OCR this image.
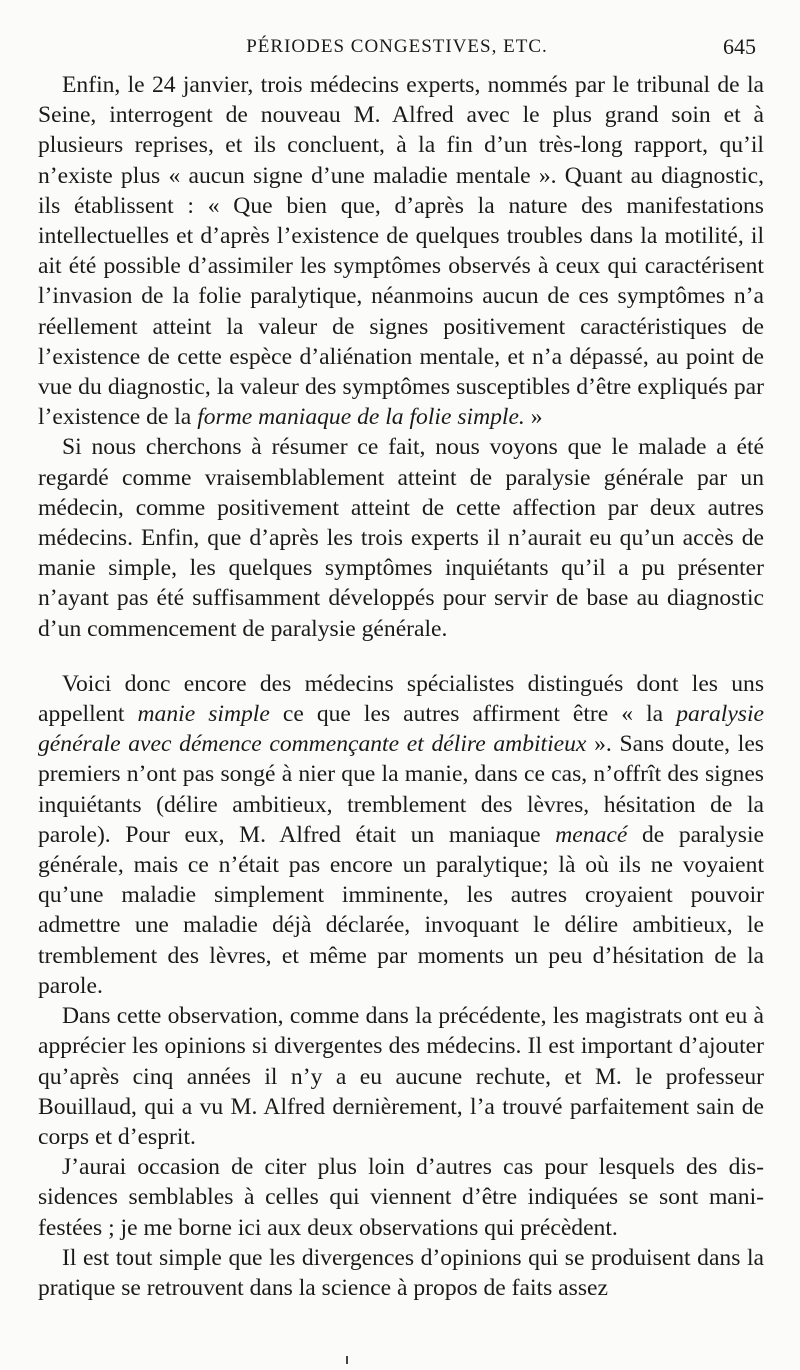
PÉRIODES CONGESTIVES, ETC.	645

Enfin, le 24 janvier, trois médecins experts, nommés par le tribunal de la Seine, interrogent de nouveau M. Alfred avec le plus grand soin et à plusieurs reprises, et ils concluent, à la fin d’un très-long rapport, qu’il n’existe plus « aucun signe d’une maladie mentale ». Quant au diagnostic, ils établissent : « Que bien que, d’après la nature des manifestations intellectuelles et d’après l’existence de quelques troubles dans la motilité, il ait été possible d’assimiler les symptômes observés à ceux qui caractérisent l’invasion de la folie paralytique, néanmoins aucun de ces symptômes n’a réellement atteint la valeur de signes positivement caractéristiques de l’existence de cette espèce d’aliénation mentale, et n’a dépassé, au point de vue du diagnostic, la valeur des symptômes susceptibles d’être expliqués par l’existence de la forme maniaque de la folie simple. »

Si nous cherchons à résumer ce fait, nous voyons que le malade a été regardé comme vraisemblablement atteint de paralysie générale par un médecin, comme positivement atteint de cette affection par deux autres médecins. Enfin, que d’après les trois experts il n’aurait eu qu’un accès de manie simple, les quelques symptômes inquiétants qu’il a pu présenter n’ayant pas été suffisamment développés pour servir de base au diagnostic d’un commencement de paralysie générale.

Voici donc encore des médecins spécialistes distingués dont les uns appellent manie simple ce que les autres affirment être « la paralysie générale avec démence commençante et délire ambitieux ». Sans doute, les premiers n’ont pas songé à nier que la manie, dans ce cas, n’offrît des signes inquiétants (délire ambitieux, tremblement des lèvres, hésitation de la parole). Pour eux, M. Alfred était un maniaque menacé de paralysie générale, mais ce n’était pas encore un paralytique; là où ils ne voyaient qu’une maladie simplement imminente, les autres croyaient pouvoir admettre une maladie déjà déclarée, invoquant le délire ambitieux, le tremblement des lèvres, et même par moments un peu d’hésitation de la parole.

Dans cette observation, comme dans la précédente, les magistrats ont eu à apprécier les opinions si divergentes des médecins. Il est important d’ajouter qu’après cinq années il n’y a eu aucune rechute, et M. le professeur Bouillaud, qui a vu M. Alfred dernièrement, l’a trouvé parfaitement sain de corps et d’esprit.

J’aurai occasion de citer plus loin d’autres cas pour lesquels des dissidences semblables à celles qui viennent d’être indiquées se sont manifestées ; je me borne ici aux deux observations qui précèdent.

Il est tout simple que les divergences d’opinions qui se produisent dans la pratique se retrouvent dans la science à propos de faits assez
